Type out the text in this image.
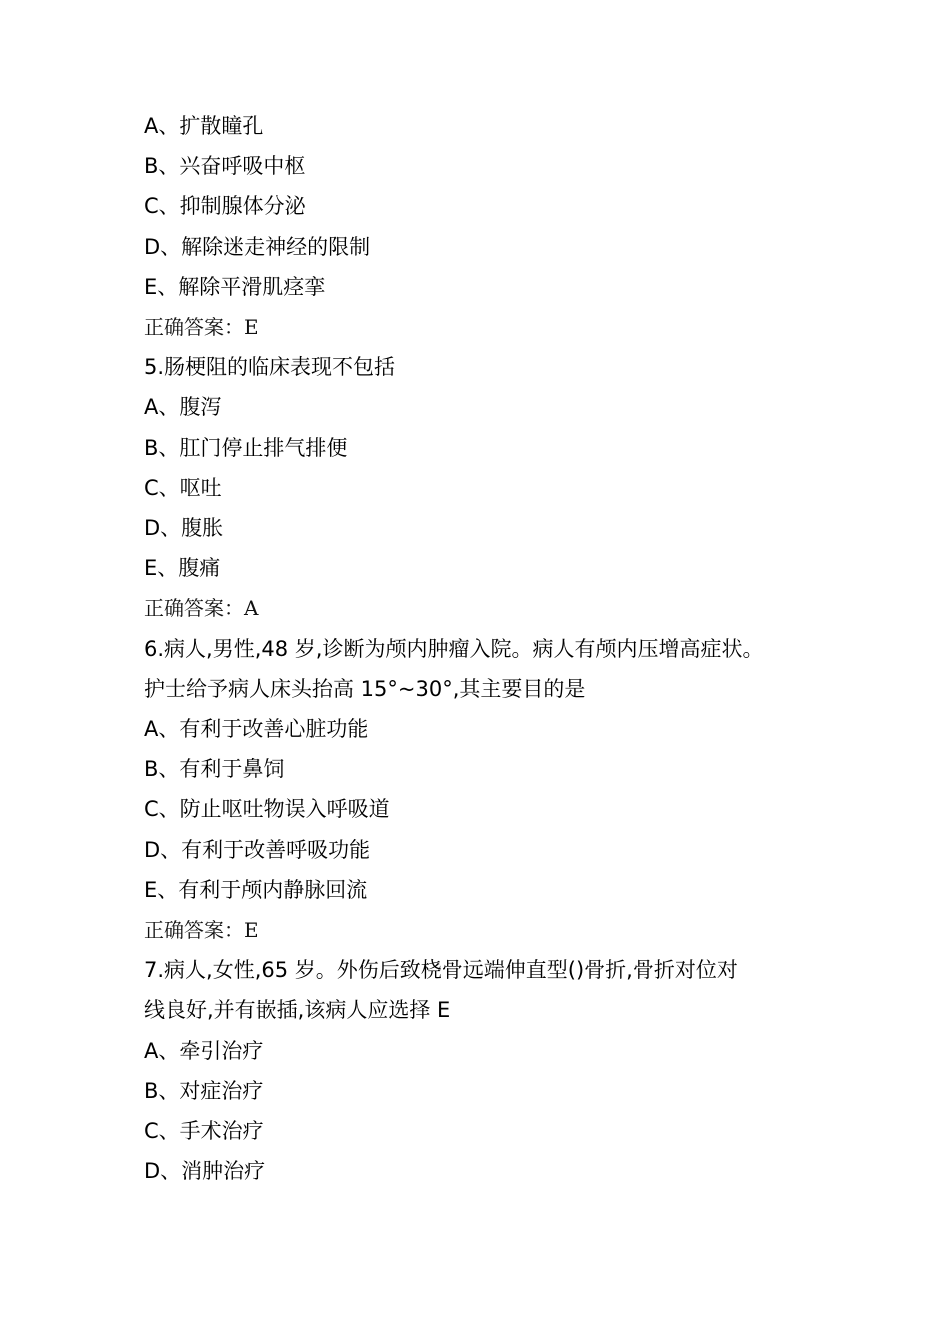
A、扩散瞳孔
B、兴奋呼吸中枢
C、抑制腺体分泌
D、解除迷走神经的限制
E、解除平滑肌痉挛
正确答案：E
5.肠梗阻的临床表现不包括
A、腹泻
B、肛门停止排气排便
C、呕吐
D、腹胀
E、腹痛
正确答案：A
6.病人,男性,48 岁,诊断为颅内肿瘤入院。病人有颅内压增高症状。
护士给予病人床头抬高 15°~30°,其主要目的是
A、有利于改善心脏功能
B、有利于鼻饲
C、防止呕吐物误入呼吸道
D、有利于改善呼吸功能
E、有利于颅内静脉回流
正确答案：E
7.病人,女性,65 岁。外伤后致桡骨远端伸直型()骨折,骨折对位对
线良好,并有嵌插,该病人应选择 E
A、牵引治疗
B、对症治疗
C、手术治疗
D、消肿治疗
